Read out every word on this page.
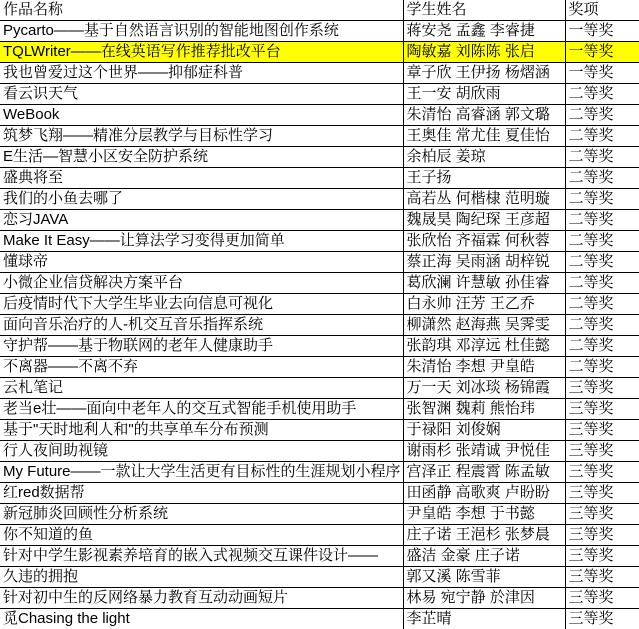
作品名称	学生姓名	奖项
Pycarto——基于自然语言识别的智能地图创作系统	蒋安尧 孟鑫 李睿捷	一等奖
TQLWriter——在线英语写作推荐批改平台	陶敏嘉 刘陈陈 张启	一等奖
我也曾爱过这个世界——抑郁症科普	章子欣 王伊扬 杨熠涵	一等奖
看云识天气	王一安 胡欣雨	二等奖
WeBook	朱清怡 高睿涵 郭文璐	二等奖
筑梦飞翔——精准分层教学与目标性学习	王奥佳 常尤佳 夏佳怡	二等奖
E生活—智慧小区安全防护系统	余柏辰 姜琼	二等奖
盛典将至	王子扬	二等奖
我们的小鱼去哪了	高若丛 何楷棣 范明璇	二等奖
恋习JAVA	魏晟昊 陶纪琛 王彦超	二等奖
Make It Easy——让算法学习变得更加简单	张欣怡 齐福霖 何秋蓉	二等奖
懂球帝	蔡正海 吴雨涵 胡梓锐	二等奖
小微企业信贷解决方案平台	葛欣澜 许慧敏 孙佳睿	二等奖
后疫情时代下大学生毕业去向信息可视化	白永帅 汪芳 王乙乔	二等奖
面向音乐治疗的人-机交互音乐指挥系统	柳潇然 赵海燕 吴霁雯	二等奖
守护帮——基于物联网的老年人健康助手	张韵琪 邓淳远 杜佳懿	二等奖
不离器——不离不弃	朱清怡 李想 尹皇皓	二等奖
云札笔记	万一天 刘冰琰 杨锦霞	三等奖
老当e壮——面向中老年人的交互式智能手机使用助手	张智渊 魏莉 熊怡玮	三等奖
基于"天时地利人和"的共享单车分布预测	于禄阳 刘俊娴	三等奖
行人夜间助视镜	谢雨杉 张靖诚 尹悦佳	三等奖
My Future——一款让大学生活更有目标性的生涯规划小程序	宫泽正 程震霄 陈孟敏	三等奖
红red数据帮	田函静 高歌爽 卢盼盼	三等奖
新冠肺炎回顾性分析系统	尹皇皓 李想 于书懿	三等奖
你不知道的鱼	庄子诺 王浥杉 张梦晨	三等奖
针对中学生影视素养培育的嵌入式视频交互课件设计——	盛洁 金豪 庄子诺	三等奖
久违的拥抱	郭又溪 陈雪菲	三等奖
针对初中生的反网络暴力教育互动动画短片	林易 宛宁静 於津因	三等奖
觅Chasing the light	李芷晴	三等奖
